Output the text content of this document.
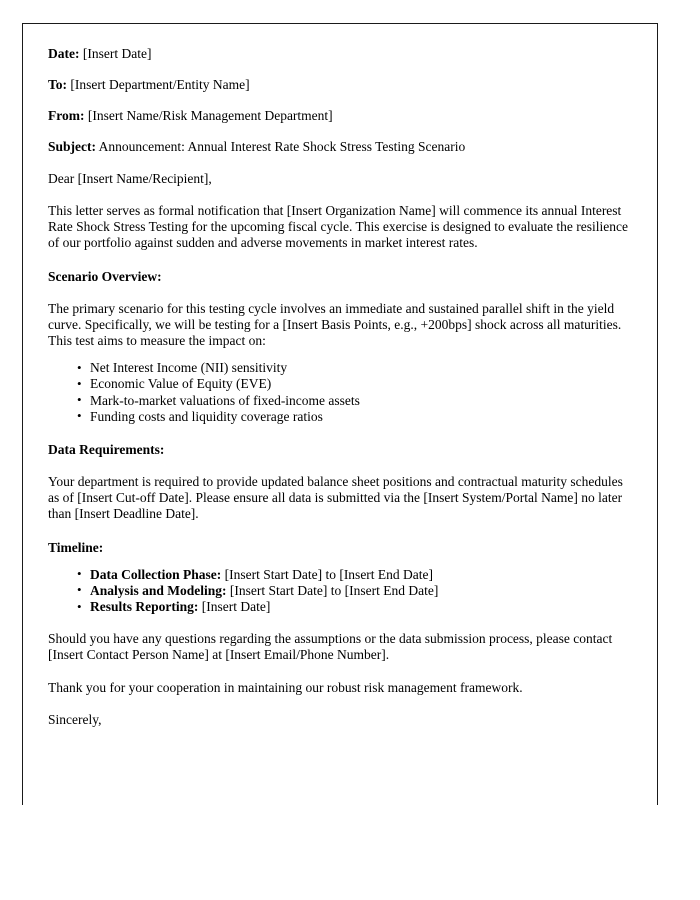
Date: [Insert Date]
To: [Insert Department/Entity Name]
From: [Insert Name/Risk Management Department]
Subject: Announcement: Annual Interest Rate Shock Stress Testing Scenario

Dear [Insert Name/Recipient],

This letter serves as formal notification that [Insert Organization Name] will commence its annual Interest Rate Shock Stress Testing for the upcoming fiscal cycle. This exercise is designed to evaluate the resilience of our portfolio against sudden and adverse movements in market interest rates.

Scenario Overview:

The primary scenario for this testing cycle involves an immediate and sustained parallel shift in the yield curve. Specifically, we will be testing for a [Insert Basis Points, e.g., +200bps] shock across all maturities. This test aims to measure the impact on:

• Net Interest Income (NII) sensitivity
• Economic Value of Equity (EVE)
• Mark-to-market valuations of fixed-income assets
• Funding costs and liquidity coverage ratios

Data Requirements:

Your department is required to provide updated balance sheet positions and contractual maturity schedules as of [Insert Cut-off Date]. Please ensure all data is submitted via the [Insert System/Portal Name] no later than [Insert Deadline Date].

Timeline:

• Data Collection Phase: [Insert Start Date] to [Insert End Date]
• Analysis and Modeling: [Insert Start Date] to [Insert End Date]
• Results Reporting: [Insert Date]

Should you have any questions regarding the assumptions or the data submission process, please contact [Insert Contact Person Name] at [Insert Email/Phone Number].

Thank you for your cooperation in maintaining our robust risk management framework.

Sincerely,
